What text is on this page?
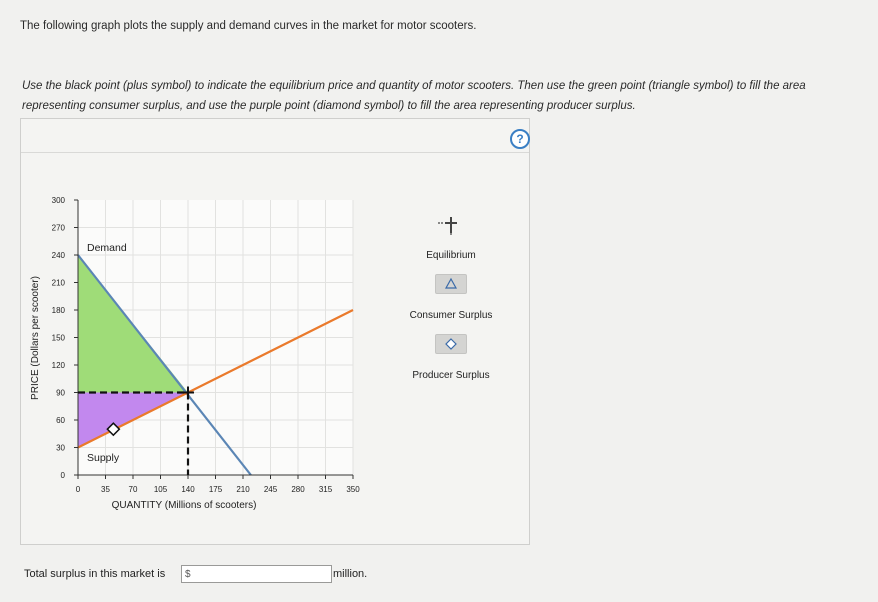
The following graph plots the supply and demand curves in the market for motor scooters.
Use the black point (plus symbol) to indicate the equilibrium price and quantity of motor scooters. Then use the green point (triangle symbol) to fill the area representing consumer surplus, and use the purple point (diamond symbol) to fill the area representing producer surplus.
?
0	35 70 105 140 175 210 245 280 315 350
0
30
60
90
120
150
180
210
240
270
300
QUANTITY (Millions of scooters)
PRICE (Dollars per scooter)
Demand
Supply
Equilibrium
Consumer Surplus
Producer Surplus
Total surplus in this market is
$	million.
